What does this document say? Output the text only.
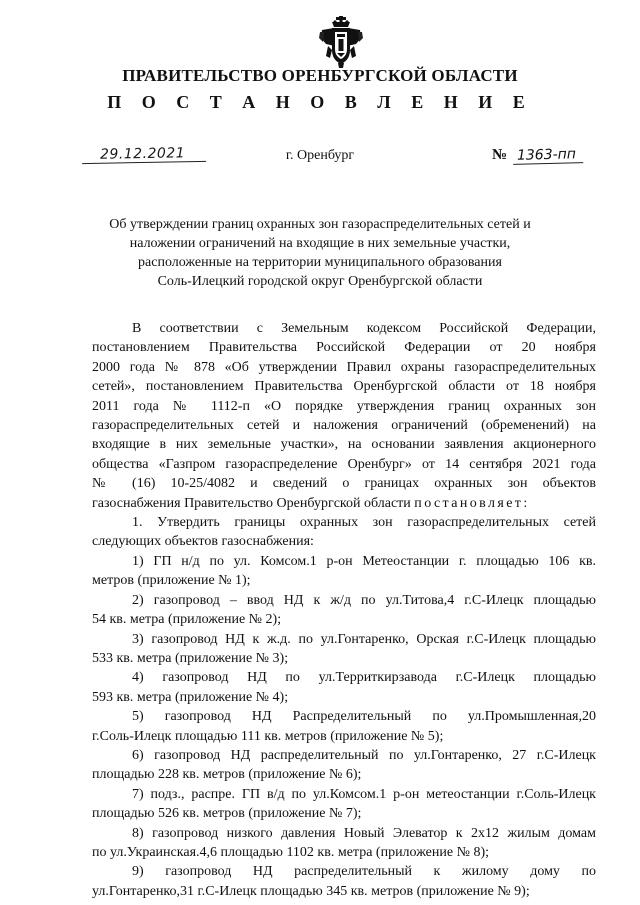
ПРАВИТЕЛЬСТВО ОРЕНБУРГСКОЙ ОБЛАСТИ
П О С Т А Н О В Л Е Н И Е
29.12.2021	г. Оренбург	№ 1363-пп
Об утверждении границ охранных зон газораспределительных сетей и
наложении ограничений на входящие в них земельные участки,
расположенные на территории муниципального образования
Соль-Илецкий городской округ Оренбургской области
В соответствии с Земельным кодексом Российской Федерации,
постановлением Правительства Российской Федерации от 20 ноября
2000 года № 878 «Об утверждении Правил охраны газораспределительных
сетей», постановлением Правительства Оренбургской области от 18 ноября
2011 года № 1112-п «О порядке утверждения границ охранных зон
газораспределительных сетей и наложения ограничений (обременений) на
входящие в них земельные участки», на основании заявления акционерного
общества «Газпром газораспределение Оренбург» от 14 сентября 2021 года
№ (16) 10-25/4082 и сведений о границах охранных зон объектов
газоснабжения Правительство Оренбургской области постановляет:
1. Утвердить границы охранных зон газораспределительных сетей
следующих объектов газоснабжения:
1) ГП н/д по ул. Комсом.1 р-он Метеостанции г. площадью 106 кв.
метров (приложение № 1);
2) газопровод – ввод НД к ж/д по ул.Титова,4 г.С-Илецк площадью
54 кв. метра (приложение № 2);
3) газопровод НД к ж.д. по ул.Гонтаренко, Орская г.С-Илецк площадью
533 кв. метра (приложение № 3);
4) газопровод НД по ул.Территкирзавода г.С-Илецк площадью
593 кв. метра (приложение № 4);
5) газопровод НД Распределительный по ул.Промышленная,20
г.Соль-Илецк площадью 111 кв. метров (приложение № 5);
6) газопровод НД распределительный по ул.Гонтаренко, 27 г.С-Илецк
площадью 228 кв. метров (приложение № 6);
7) подз., распре. ГП в/д по ул.Комсом.1 р-он метеостанции г.Соль-Илецк
площадью 526 кв. метров (приложение № 7);
8) газопровод низкого давления Новый Элеватор к 2х12 жилым домам
по ул.Украинская.4,6 площадью 1102 кв. метра (приложение № 8);
9) газопровод НД распределительный к жилому дому по
ул.Гонтаренко,31 г.С-Илецк площадью 345 кв. метров (приложение № 9);
